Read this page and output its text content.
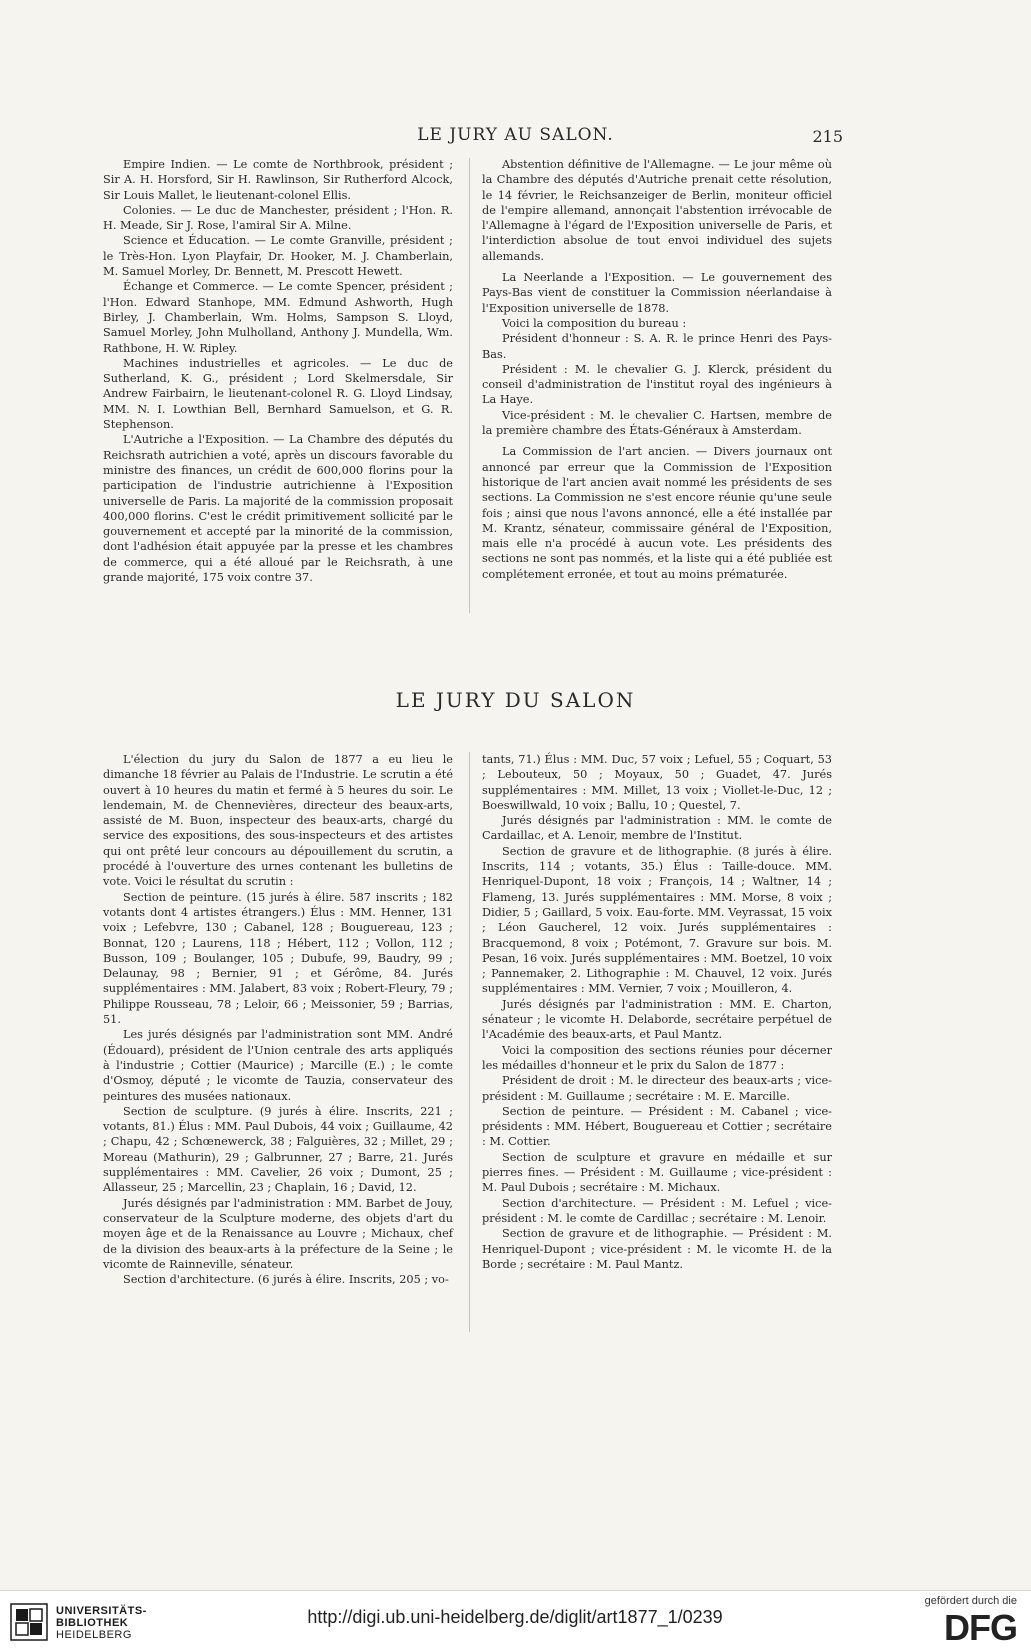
LE JURY AU SALON.	215

Empire Indien. — Le comte de Northbrook, président ; Sir A. H. Horsford, Sir H. Rawlinson, Sir Rutherford Alcock, Sir Louis Mallet, le lieutenant-colonel Ellis.

Colonies. — Le duc de Manchester, président ; l'Hon. R. H. Meade, Sir J. Rose, l'amiral Sir A. Milne.

Science et Éducation. — Le comte Granville, président ; le Très-Hon. Lyon Playfair, Dr. Hooker, M. J. Chamberlain, M. Samuel Morley, Dr. Bennett, M. Prescott Hewett.

Échange et Commerce. — Le comte Spencer, président ; l'Hon. Edward Stanhope, MM. Edmund Ashworth, Hugh Birley, J. Chamberlain, Wm. Holms, Sampson S. Lloyd, Samuel Morley, John Mulholland, Anthony J. Mundella, Wm. Rathbone, H. W. Ripley.

Machines industrielles et agricoles. — Le duc de Sutherland, K. G., président ; Lord Skelmersdale, Sir Andrew Fairbairn, le lieutenant-colonel R. G. Lloyd Lindsay, MM. N. I. Lowthian Bell, Bernhard Samuelson, et G. R. Stephenson.

L'Autriche a l'Exposition. — La Chambre des députés du Reichsrath autrichien a voté, après un discours favorable du ministre des finances, un crédit de 600,000 florins pour la participation de l'industrie autrichienne à l'Exposition universelle de Paris. La majorité de la commission proposait 400,000 florins. C'est le crédit primitivement sollicité par le gouvernement et accepté par la minorité de la commission, dont l'adhésion était appuyée par la presse et les chambres de commerce, qui a été alloué par le Reichsrath, à une grande majorité, 175 voix contre 37.

Abstention définitive de l'Allemagne. — Le jour même où la Chambre des députés d'Autriche prenait cette résolution, le 14 février, le Reichsanzeiger de Berlin, moniteur officiel de l'empire allemand, annonçait l'abstention irrévocable de l'Allemagne à l'égard de l'Exposition universelle de Paris, et l'interdiction absolue de tout envoi individuel des sujets allemands.

La Neerlande a l'Exposition. — Le gouvernement des Pays-Bas vient de constituer la Commission néerlandaise à l'Exposition universelle de 1878.

Voici la composition du bureau :

Président d'honneur : S. A. R. le prince Henri des Pays-Bas.

Président : M. le chevalier G. J. Klerck, président du conseil d'administration de l'institut royal des ingénieurs à La Haye.

Vice-président : M. le chevalier C. Hartsen, membre de la première chambre des États-Généraux à Amsterdam.

La Commission de l'art ancien. — Divers journaux ont annoncé par erreur que la Commission de l'Exposition historique de l'art ancien avait nommé les présidents de ses sections. La Commission ne s'est encore réunie qu'une seule fois ; ainsi que nous l'avons annoncé, elle a été installée par M. Krantz, sénateur, commissaire général de l'Exposition, mais elle n'a procédé à aucun vote. Les présidents des sections ne sont pas nommés, et la liste qui a été publiée est complétement erronée, et tout au moins prématurée.

LE JURY DU SALON

L'élection du jury du Salon de 1877 a eu lieu le dimanche 18 février au Palais de l'Industrie. Le scrutin a été ouvert à 10 heures du matin et fermé à 5 heures du soir. Le lendemain, M. de Chennevières, directeur des beaux-arts, assisté de M. Buon, inspecteur des beaux-arts, chargé du service des expositions, des sous-inspecteurs et des artistes qui ont prêté leur concours au dépouillement du scrutin, a procédé à l'ouverture des urnes contenant les bulletins de vote. Voici le résultat du scrutin :

Section de peinture. (15 jurés à élire. 587 inscrits ; 182 votants dont 4 artistes étrangers.) Élus : MM. Henner, 131 voix ; Lefebvre, 130 ; Cabanel, 128 ; Bouguereau, 123 ; Bonnat, 120 ; Laurens, 118 ; Hébert, 112 ; Vollon, 112 ; Busson, 109 ; Boulanger, 105 ; Dubufe, 99, Baudry, 99 ; Delaunay, 98 ; Bernier, 91 ; et Gérôme, 84. Jurés supplémentaires : MM. Jalabert, 83 voix ; Robert-Fleury, 79 ; Philippe Rousseau, 78 ; Leloir, 66 ; Meissonier, 59 ; Barrias, 51.

Les jurés désignés par l'administration sont MM. André (Édouard), président de l'Union centrale des arts appliqués à l'industrie ; Cottier (Maurice) ; Marcille (E.) ; le comte d'Osmoy, député ; le vicomte de Tauzia, conservateur des peintures des musées nationaux.

Section de sculpture. (9 jurés à élire. Inscrits, 221 ; votants, 81.) Élus : MM. Paul Dubois, 44 voix ; Guillaume, 42 ; Chapu, 42 ; Schœnewerck, 38 ; Falguières, 32 ; Millet, 29 ; Moreau (Mathurin), 29 ; Galbrunner, 27 ; Barre, 21. Jurés supplémentaires : MM. Cavelier, 26 voix ; Dumont, 25 ; Allasseur, 25 ; Marcellin, 23 ; Chaplain, 16 ; David, 12.

Jurés désignés par l'administration : MM. Barbet de Jouy, conservateur de la Sculpture moderne, des objets d'art du moyen âge et de la Renaissance au Louvre ; Michaux, chef de la division des beaux-arts à la préfecture de la Seine ; le vicomte de Rainneville, sénateur.

Section d'architecture. (6 jurés à élire. Inscrits, 205 ; vo-

tants, 71.) Élus : MM. Duc, 57 voix ; Lefuel, 55 ; Coquart, 53 ; Lebouteux, 50 ; Moyaux, 50 ; Guadet, 47. Jurés supplémentaires : MM. Millet, 13 voix ; Viollet-le-Duc, 12 ; Boeswillwald, 10 voix ; Ballu, 10 ; Questel, 7.

Jurés désignés par l'administration : MM. le comte de Cardaillac, et A. Lenoir, membre de l'Institut.

Section de gravure et de lithographie. (8 jurés à élire. Inscrits, 114 ; votants, 35.) Élus : Taille-douce. MM. Henriquel-Dupont, 18 voix ; François, 14 ; Waltner, 14 ; Flameng, 13. Jurés supplémentaires : MM. Morse, 8 voix ; Didier, 5 ; Gaillard, 5 voix. Eau-forte. MM. Veyrassat, 15 voix ; Léon Gaucherel, 12 voix. Jurés supplémentaires : Bracquemond, 8 voix ; Potémont, 7. Gravure sur bois. M. Pesan, 16 voix. Jurés supplémentaires : MM. Boetzel, 10 voix ; Pannemaker, 2. Lithographie : M. Chauvel, 12 voix. Jurés supplémentaires : MM. Vernier, 7 voix ; Mouilleron, 4.

Jurés désignés par l'administration : MM. E. Charton, sénateur ; le vicomte H. Delaborde, secrétaire perpétuel de l'Académie des beaux-arts, et Paul Mantz.

Voici la composition des sections réunies pour décerner les médailles d'honneur et le prix du Salon de 1877 :

Président de droit : M. le directeur des beaux-arts ; vice-président : M. Guillaume ; secrétaire : M. E. Marcille.

Section de peinture. — Président : M. Cabanel ; vice-présidents : MM. Hébert, Bouguereau et Cottier ; secrétaire : M. Cottier.

Section de sculpture et gravure en médaille et sur pierres fines. — Président : M. Guillaume ; vice-président : M. Paul Dubois ; secrétaire : M. Michaux.

Section d'architecture. — Président : M. Lefuel ; vice-président : M. le comte de Cardillac ; secrétaire : M. Lenoir.

Section de gravure et de lithographie. — Président : M. Henriquel-Dupont ; vice-président : M. le vicomte H. de la Borde ; secrétaire : M. Paul Mantz.

UNIVERSITÄTS-
BIBLIOTHEK
HEIDELBERG
http://digi.ub.uni-heidelberg.de/diglit/art1877_1/0239
gefördert durch die
DFG
